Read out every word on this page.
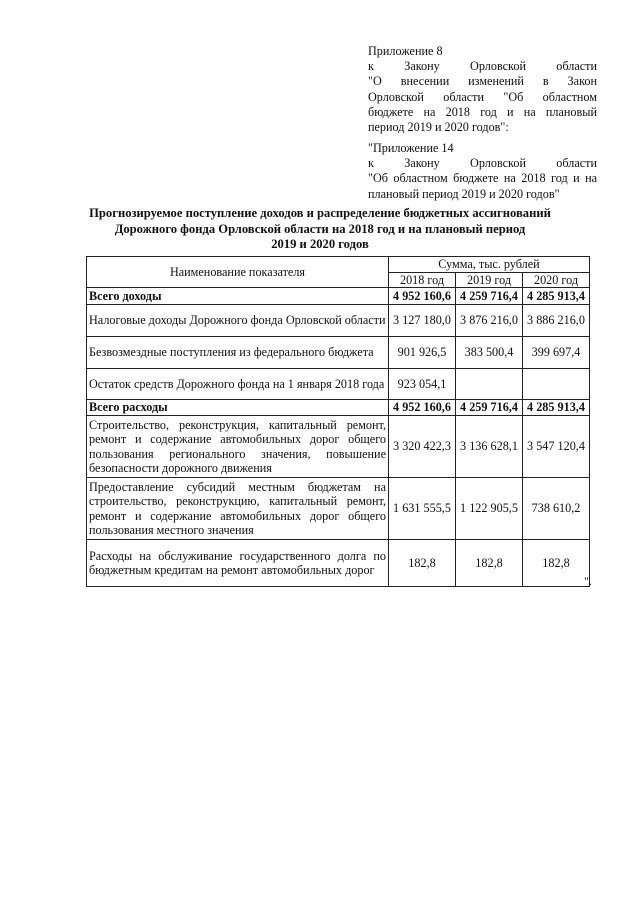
Приложение 8
к Закону Орловской области
"О внесении изменений в Закон
Орловской области "Об областном
бюджете на 2018 год и на плановый
период 2019 и 2020 годов":
"Приложение 14
к Закону Орловской области
"Об областном бюджете на 2018 год и на
плановый период 2019 и 2020 годов"
Прогнозируемое поступление доходов и распределение бюджетных ассигнований
Дорожного фонда Орловской области на 2018 год и на плановый период
2019 и 2020 годов
Наименование показателя	Сумма, тыс. рублей		
	2018 год	2019 год	2020 год
Всего доходы	4 952 160,6	4 259 716,4	4 285 913,4
Налоговые доходы Дорожного фонда Орловской области	3 127 180,0	3 876 216,0	3 886 216,0
Безвозмездные поступления из федерального бюджета	901 926,5	383 500,4	399 697,4
Остаток средств Дорожного фонда на 1 января 2018 года	923 054,1		
Всего расходы	4 952 160,6	4 259 716,4	4 285 913,4
Строительство, реконструкция, капитальный ремонт, ремонт и содержание автомобильных дорог общего пользования регионального значения, повышение безопасности дорожного движения	3 320 422,3	3 136 628,1	3 547 120,4
Предоставление субсидий местным бюджетам на строительство, реконструкцию, капитальный ремонт, ремонт и содержание автомобильных дорог общего пользования местного значения	1 631 555,5	1 122 905,5	738 610,2
Расходы на обслуживание государственного долга по бюджетным кредитам на ремонт автомобильных дорог	182,8	182,8	182,8
".
